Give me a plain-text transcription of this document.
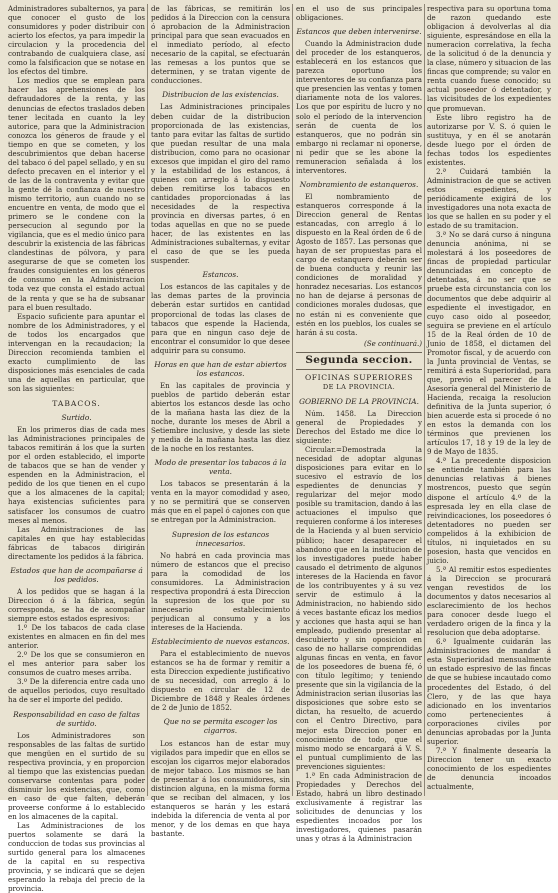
Administradores subalternos, ya para que conocer el gusto de los consumidores y poder distribuir con acierto los efectos, ya para impedir la circulacion y la procedencia del contrabando de cualquiera clase, así como la falsificacion que se notase en los efectos del timbre.

Los medios que se emplean para hacer las aprehensiones de los defraudadores de la renta, y las denuncias de efectos traslados deben tener lecitada en cuanto la ley autorice, para que la Administracion conozca los géneros de fraude y el tiempo en que se cometen, y los descubrimientos que deban hacerse del tabaco ó del papel sellado, y en su defecto precaven en el interior y el de las de la contraventa y evitar que la gente dé la confianza de nuestro mismo territorio, aun cuando no se encuentre en venta, de modo que el primero se le condene con la persecucion al segundo por la vigilancia, que es el medio único para descubrir la existencia de las fábricas clandestinas de pólvora, y para asegurarse de que se cometen los fraudes consiguientes en los géneros de consumo en la Administracion toda vez que consta el estado actual de la renta y que se ha de subsanar para el buen resultado.

Espacio suficiente para apuntar el nombre de los Administradores, y el de todos los encargados que intervengan en la recaudacion; la Direccion recomienda tambien el exacto cumplimiento de las disposiciones más esenciales de cada una de aquellas en particular, que son las siguientes:

TABACOS.
Surtido.

En los primeros dias de cada mes las Administraciones principales de tabacos remitirán á los que la surten por el orden establecido, el importe de tabacos que se han de vender y espenden en la Administracion, el pedido de los que tienen en el cupo que a los almacenes de la capital; haya existencias suficientes para satisfacer los consumos de cuatro meses al menos.

Las Administraciones de las capitales en que hay establecidas fábricas de tabacos dirigirán directamente los pedidos á la fábrica.

Estados que han de acompañarse á los pedidos.

A los pedidos que se hagan á la Direccion ó á la fábrica, según corresponda, se ha de acompañar siempre estos estados espresivos:

1.º De los tabacos de cada clase existentes en almacen en fin del mes anterior.

2.º De los que se consumieron en el mes anterior para saber los consumos de cuatro meses arriba.

3.º De la diferencia entre cada uno de aquellos periodos, cuyo resultado ha de ser el importe del pedido.

Responsabilidad en caso de faltas de surtido.

Los Administradores son responsables de las faltas de surtido que mengüen en el surtido de su respectiva provincia, y en proporcion al tiempo que las existencias puedan conservarse contentas para poder disminuir los existencias, que, como en caso de que falten, deberán proveerse conforme á lo establecido en los almacenes de la capital.

Las Administraciones de los puertos solamente se dará la conduccion de todas sus provincias al surtido general para los almacenes de la capital en su respectiva provincia, y se indicará que se dejen esperando la rebaja del precio de la provincia.

de las fábricas, se remitirán los pedidos á la Direccion con la censura ó aprobacion de la Administracion principal para que sean evacuados en el inmediato período, al efecto necesario de la capital, se efectuarán las remesas a los puntos que se determinen, y se tratan vigente de conducciones.

Distribucion de las existencias.

Las Administraciones principales deben cuidar de la distribucion proporcionada de las existencias, tanto para evitar las faltas de surtido que puedan resultar de una mala distribucion, como para no ocasionar excesos que impidan el giro del ramo y la estabilidad de los estancos, á quienes con arreglo á lo dispuesto deben remitirse los tabacos en cantidades proporcionadas á las necesidades de la respectiva provincia en diversas partes, ó en todas aquellas en que no se puede hacer, de las existentes en las Administraciones subalternas, y evitar el caso de que se les pueda suspender.

Estancos.

Los estancos de las capitales y de las demas partes de la provincia deberán estar surtidos en cantidad proporcional de todas las clases de tabacos que espende la Hacienda, para que en ningun caso deje de encontrar el consumidor lo que desee adquirir para su consumo.

Horas en que han de estar abiertos los estancos.

En las capitales de provincia y pueblos de partido deberán estar abiertos los estancos desde las ocho de la mañana hasta las diez de la noche, durante los meses de Abril a Setiembre inclusive, y desde las siete y media de la mañana hasta las diez de la noche en los restantes.

Modo de presentar los tabacos á la venta.

Los tabacos se presentarán á la venta en la mayor comodidad y aseo, y no se permitirá que se conserven más que en el papel ó cajones con que se entregan por la Administracion.

Supresion de los estancos innecesarios.

No habrá en cada provincia mas número de estancos que el preciso para la comodidad de los consumidores. La Administracion respectiva propondrá á esta Direccion la supresion de los que por su innecesario establecimiento perjudican al consumo y a los intereses de la Hacienda.

Establecimiento de nuevos estancos.

Para el establecimiento de nuevos estancos se ha de formar y remitir a esta Direccion expediente justificativo de su necesidad, con arreglo á lo dispuesto en circular de 12 de Diciembre de 1848 y Reales órdenes de 2 de Junio de 1852.

Que no se permita escoger los cigarros.

Los estancos han de estar muy vigilados para impedir que en ellos se escojan los cigarros mejor elaborados de mejor tabaco. Los mismos se han de presentar á los consumidores, sin distincion alguna, en la misma forma que se reciban del almacen, y los estanqueros se harán y les estará indebida la diferencia de venta al por menor, y de los demas en que haya bastante.

en el uso de sus principales obligaciones.

Estancos que deben intervenirse.

Cuando la Administracion dude del proceder de los estanqueros, establecerá en los estancos que parezca oportuno los interventores de su confianza para que presencien las ventas y tomen diariamente nota de los valores. Los que por espíritu de lucro y no solo el período de la intervencion serán de cuenta de los estanqueros, que no podrán sin embargo ni reclamar ni oponerse, ni pedir que se les abone la remuneracion señalada á los interventores.

Nombramiento de estanqueros.

El nombramiento de estanqueros corresponde á la Direccion general de Rentas estancadas, con arreglo á lo dispuesto en la Real órden de 6 de Agosto de 1857. Las personas que hayan de ser propuestas para el cargo de estanquero deberán ser de buena conducta y reunir las condiciones de moralidad y honradez necesarias. Los estancos no han de dejarse á personas de condiciones morales dudosas, que no están ni es conveniente que estén en los pueblos, los cuales se harán á su costa.

(Se continuará.)
Segunda seccion.
OFICINAS SUPERIORES
DE LA PROVINCIA.
GOBIERNO DE LA PROVINCIA.

Núm. 1458. La Direccion general de Propiedades y Derechos del Estado me dice lo siguiente:

Circular.=Demostrada la necesidad de adoptar algunas disposiciones para evitar en lo sucesivo el estravío de los espedientes de denuncias y regularizar del mejor modo posible su tramitacion, dando á las actuaciones el impulso que requieren conforme á los intereses de la Hacienda y al buen servicio público; hacer desaparecer el abandono que en la institucion de los investigadores puede haber causado el detrimento de algunos intereses de la Hacienda en favor de los contribuyentes y á su vez servir de estimulo á la Administracion, no habiendo sido á veces bastante eficaz los medios y acciones que hasta aqui se han empleado, pudiendo presentar al descubierto y sin oposicion en caso de no hallarse comprendidas algunas fincas en venta, en favor de los poseedores de buena fé, ó con título legítimo; y teniendo presente que sin la vigilancia de la Administracion serian ilusorias las disposiciones que sobre esto se dictan, ha resuelto, de acuerdo con el Centro Directivo, para mejor esta Direccion poner en conocimiento de todo, que el mismo modo se encargará á V. S. el puntual cumplimiento de las prevenciones siguientes:

1.ª En cada Administracion de Propiedades y Derechos del Estado, habrá un libro destinado exclusivamente á registrar las solicitudes de denuncias y los espedientes incoados por los investigadores, quienes pasarán unas y otras á la Administracion

respectiva para su oportuna toma de razon quedando este obligacion á devolverlas al dia siguiente, espresándose en ella la numeracion correlativa, la fecha de la solicitud ó de la denuncia y la clase, número y situacion de las fincas que comprende; su valor en renta cuando fuese conocido; su actual poseedor ó detentador, y las vicisitudes de los expedientes que promuevan.

Este libro registro ha de autorizarse por V. S. ó quien le sustituya, y en él se anotarán desde luego por el órden de fechas todos los espedientes existentes.

2.ª Cuidará también la Administracion de que se activen estos espedientes, y periódicamente exigirá de los investigadores una nota exacta de los que se hallen en su poder y el estado de su tramitacion.

3.ª No se dará curso á ninguna denuncia anónima, ni se molestará á los poseedores de fincas de propiedad particular denunciadas en concepto de detentadas, á no ser que se pruebe esta circunstancia con los documentos que debe adquirir al espediente el investigador, en cuyo caso oido al poseedor, seguira se previene en el artículo 15 de la Real órden de 10 de Junio de 1858, el dictamen del Promotor fiscal, y de acuerdo con la Junta provincial de Ventas, se remitirá á esta Superioridad, para que, previo el parecer de la Asesoría general del Ministerio de Hacienda, recaiga la resolucion definitiva de la Junta superior, ó bien acuerde esta si procede ó no en estos la demanda con los términos que previenen los artículos 17, 18 y 19 de la ley de 9 de Mayo de 1835.

4.ª La precedente disposicion se entiende también para las denuncias relativas á bienes mostrencos, puesto que según dispone el artículo 4.º de la espresada ley en ella clase de reivindicaciones, los poseedores ó detentadores no pueden ser compelidos á la exhibicion de títulos, ni inquietados en su posesion, hasta que vencidos en juicio.

5.ª Al remitir estos espedientes á la Direccion se procurará vengan revestidos de los documentos y datos necesarios al esclarecimiento de los hechos para conocer desde luego el verdadero origen de la finca y la resolucion que deba adoptarse.

6.ª Igualmente cuidarán las Administraciones de mandar á esta Superioridad mensualmente un estado espresivo de las fincas de que se hubiese incautado como procedentes del Estado, ó del Clero, y de las que haya adicionado en los inventarios como pertenecientes á corporaciones civiles por denuncias aprobadas por la Junta superior.

7.ª Y finalmente desearía la Direccion tener un exacto conocimiento de los espedientes de denuncia incoados actualmente,
